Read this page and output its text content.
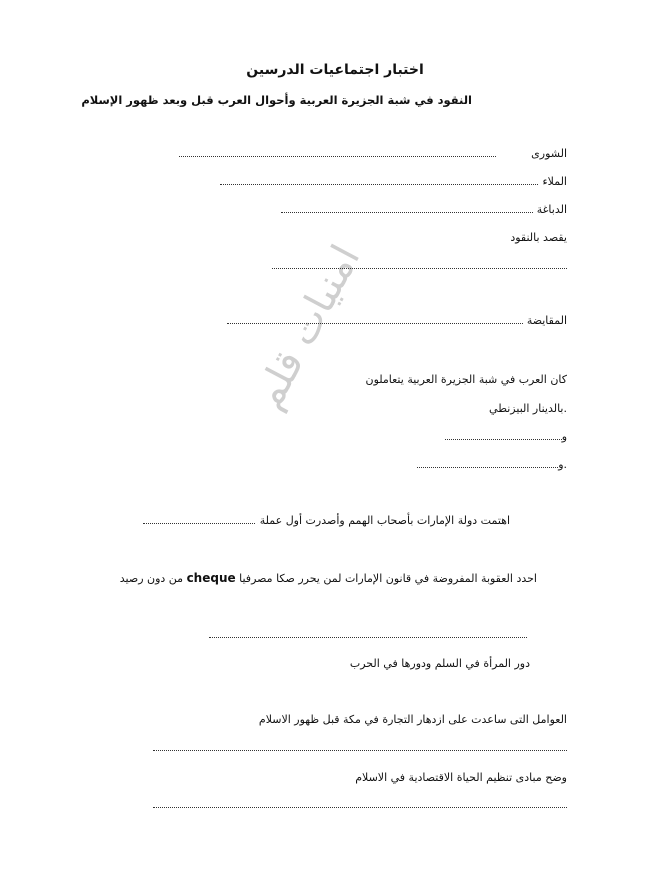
امنيات قلم
اختبار اجتماعيات الدرسين
النقود في شبة الجزيرة العربية وأحوال العرب قبل وبعد ظهور الإسلام
الشورى
الملاء
الدباغة
يقصد بالنقود
المقايضة
كان العرب في شبة الجزيرة العربية يتعاملون
.بالدينار البيزنطي
و
.و
اهتمت دولة الإمارات بأصحاب الهمم وأصدرت أول عملة
احدد العقوبة المفروضة في قانون الإمارات لمن يحرر صكا مصرفيا

cheque

من دون رصيد
دور المرأة في السلم ودورها في الحرب
العوامل التى ساعدت على ازدهار التجارة في مكة قبل ظهور الاسلام
وضح مبادى تنظيم الحياة الاقتصادية في الاسلام
